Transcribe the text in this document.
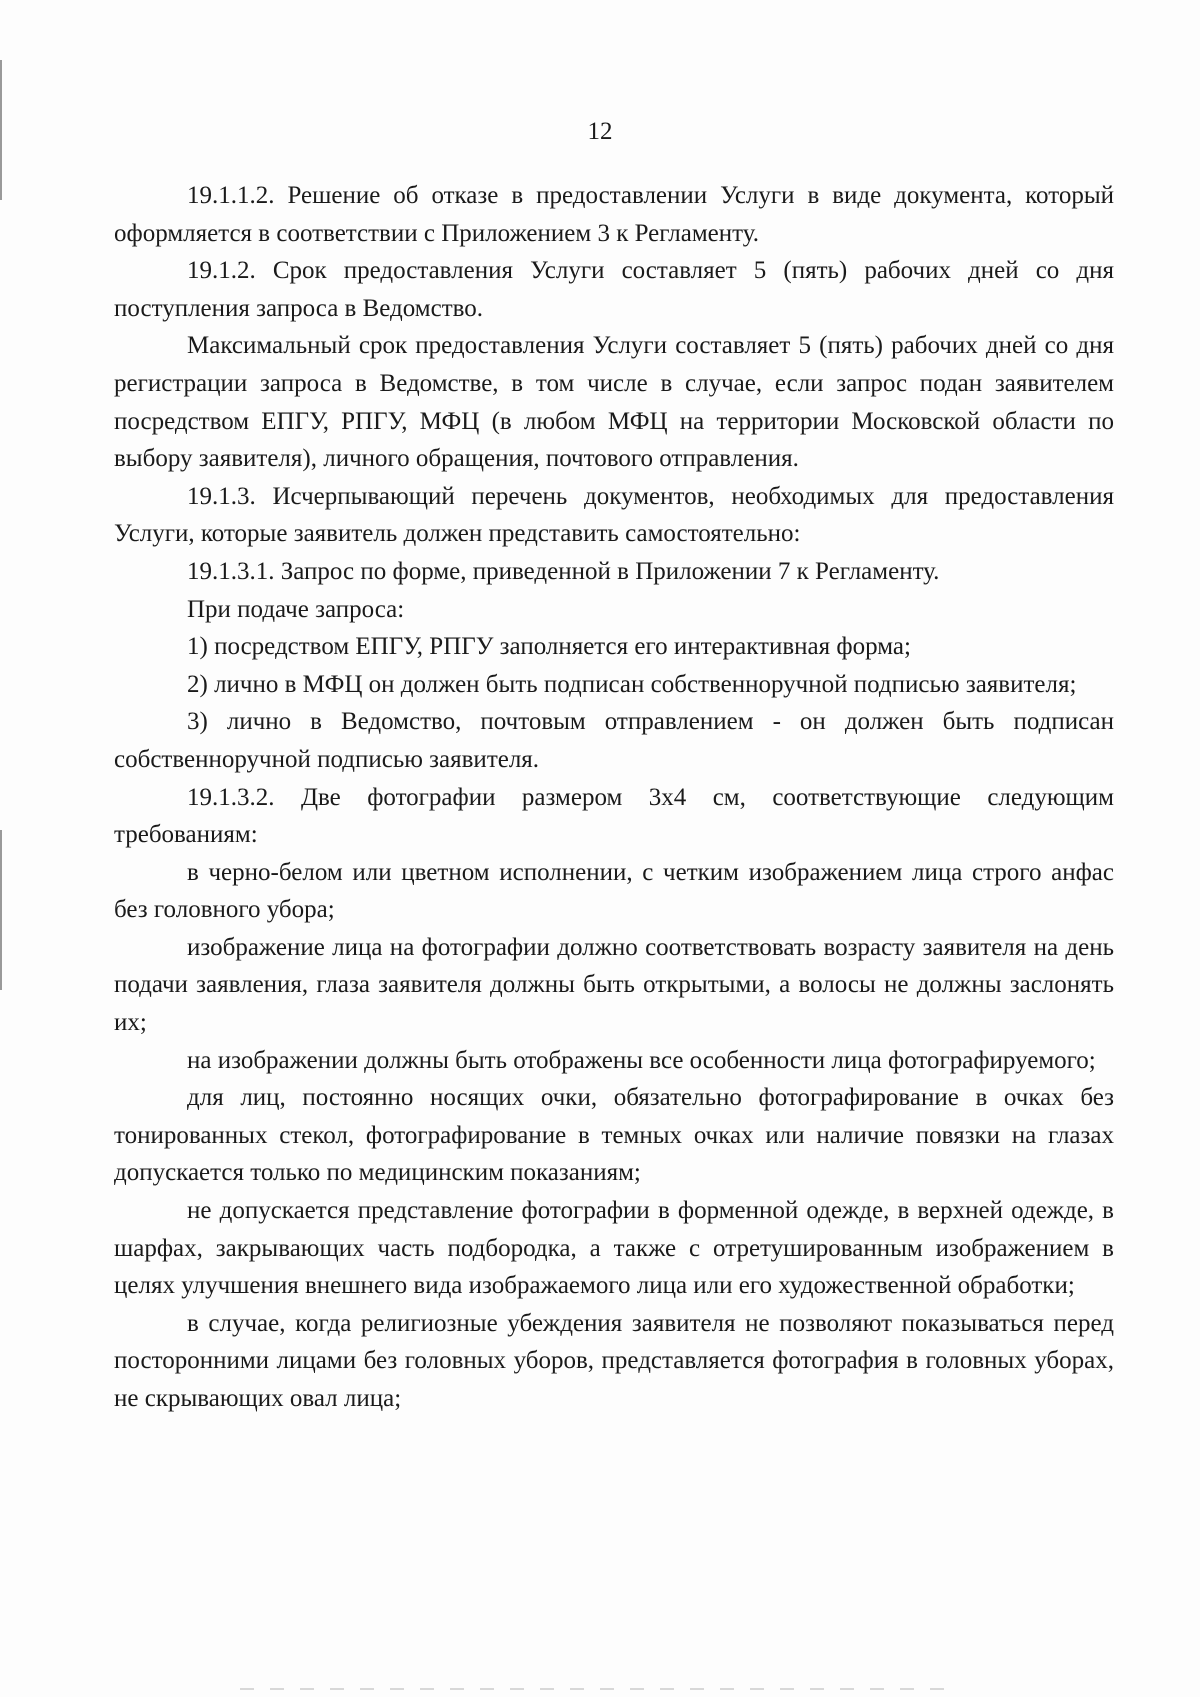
12

19.1.1.2. Решение об отказе в предоставлении Услуги в виде документа, который оформляется в соответствии с Приложением 3 к Регламенту.

19.1.2. Срок предоставления Услуги составляет 5 (пять) рабочих дней со дня поступления запроса в Ведомство.

Максимальный срок предоставления Услуги составляет 5 (пять) рабочих дней со дня регистрации запроса в Ведомстве, в том числе в случае, если запрос подан заявителем посредством ЕПГУ, РПГУ, МФЦ (в любом МФЦ на территории Московской области по выбору заявителя), личного обращения, почтового отправления.

19.1.3. Исчерпывающий перечень документов, необходимых для предоставления Услуги, которые заявитель должен представить самостоятельно:

19.1.3.1. Запрос по форме, приведенной в Приложении 7 к Регламенту.

При подаче запроса:

1) посредством ЕПГУ, РПГУ заполняется его интерактивная форма;

2) лично в МФЦ он должен быть подписан собственноручной подписью заявителя;

3) лично в Ведомство, почтовым отправлением - он должен быть подписан собственноручной подписью заявителя.

19.1.3.2. Две фотографии размером 3x4 см, соответствующие следующим требованиям:

в черно-белом или цветном исполнении, с четким изображением лица строго анфас без головного убора;

изображение лица на фотографии должно соответствовать возрасту заявителя на день подачи заявления, глаза заявителя должны быть открытыми, а волосы не должны заслонять их;

на изображении должны быть отображены все особенности лица фотографируемого;

для лиц, постоянно носящих очки, обязательно фотографирование в очках без тонированных стекол, фотографирование в темных очках или наличие повязки на глазах допускается только по медицинским показаниям;

не допускается представление фотографии в форменной одежде, в верхней одежде, в шарфах, закрывающих часть подбородка, а также с отретушированным изображением в целях улучшения внешнего вида изображаемого лица или его художественной обработки;

в случае, когда религиозные убеждения заявителя не позволяют показываться перед посторонними лицами без головных уборов, представляется фотография в головных уборах, не скрывающих овал лица;
